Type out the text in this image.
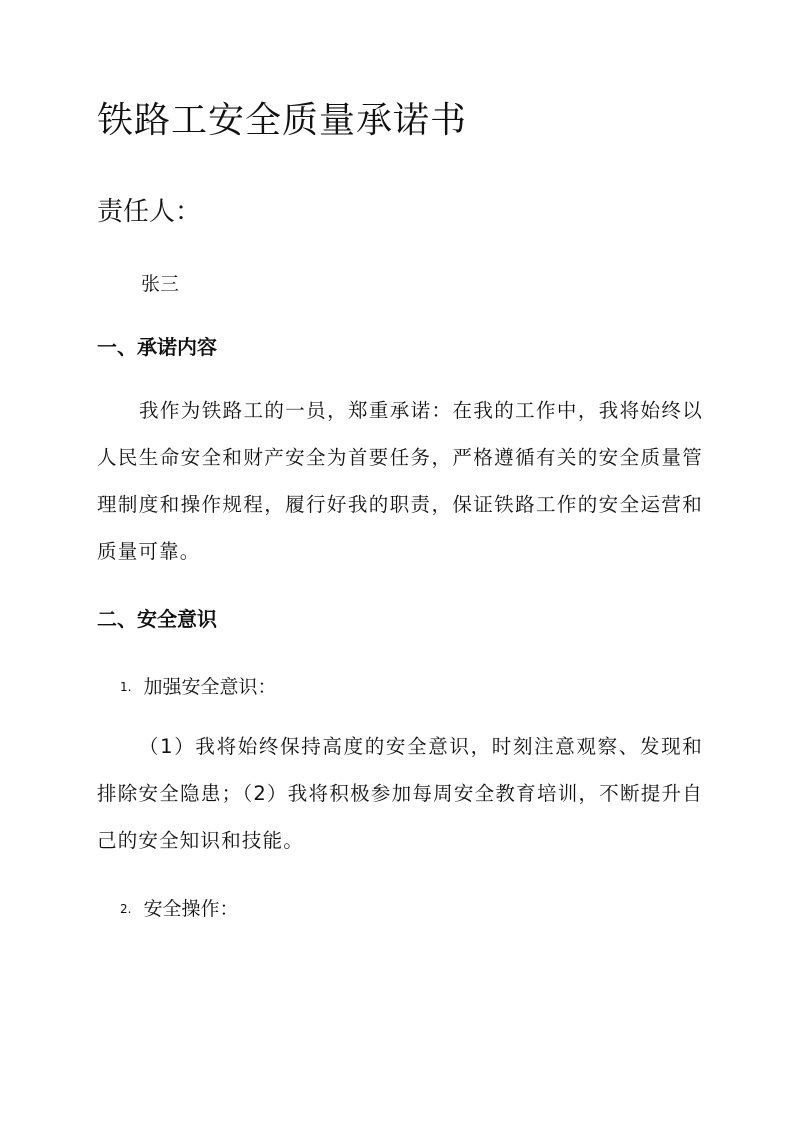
铁路工安全质量承诺书
责任人：
张三
一、承诺内容
我作为铁路工的一员，郑重承诺：在我的工作中，我将始终以人民生命安全和财产安全为首要任务，严格遵循有关的安全质量管理制度和操作规程，履行好我的职责，保证铁路工作的安全运营和质量可靠。
二、安全意识
1. 加强安全意识：
（1）我将始终保持高度的安全意识，时刻注意观察、发现和排除安全隐患；（2）我将积极参加每周安全教育培训，不断提升自己的安全知识和技能。
2. 安全操作：
